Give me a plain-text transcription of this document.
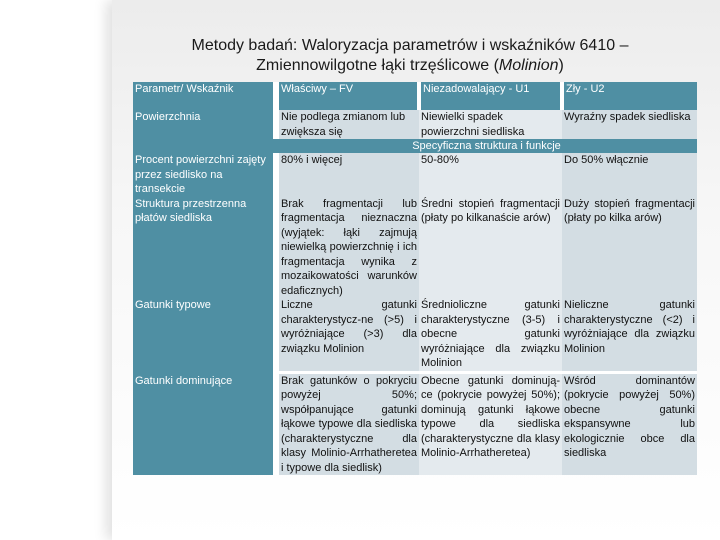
Metody badań: Waloryzacja parametrów i wskaźników 6410 –
Zmiennowilgotne łąki trzęślicowe (Molinion)
Parametr/ Wskaźnik	Właściwy – FV	Niezadowalający - U1	Zły - U2
Powierzchnia	Nie podlega zmianom lub zwiększa się	Niewielki spadek powierzchni siedliska	Wyraźny spadek siedliska
	Specyficzna struktura i funkcje		
Procent powierzchni zajęty przez siedlisko na transekcie	80% i więcej	50-80%	Do 50% włącznie
Struktura przestrzenna płatów siedliska	Brak fragmentacji lub fragmentacja nieznaczna (wyjątek: łąki zajmują niewielką powierzchnię i ich fragmentacja wynika z mozaikowatości warunków edaficznych)	Średni stopień fragmentacji (płaty po kilkanaście arów)	Duży stopień fragmentacji (płaty po kilka arów)
Gatunki typowe	Liczne gatunki charakterystycz-ne (>5) i wyróżniające (>3) dla związku Molinion	Średnioliczne gatunki charakterystyczne (3-5) i obecne gatunki wyróżniające dla związku Molinion	Nieliczne gatunki charakterystyczne (<2) i wyróżniające dla związku Molinion

Gatunki dominujące	Brak gatunków o pokryciu powyżej 50%; współpanujące gatunki łąkowe typowe dla siedliska (charakterystyczne dla klasy Molinio-Arrhatheretea i typowe dla siedlisk)	Obecne gatunki dominują-ce (pokrycie powyżej 50%); dominują gatunki łąkowe typowe dla siedliska (charakterystyczne dla klasy Molinio-Arrhatheretea)	Wśród dominantów (pokrycie powyżej 50%) obecne gatunki ekspansywne lub ekologicznie obce dla siedliska
